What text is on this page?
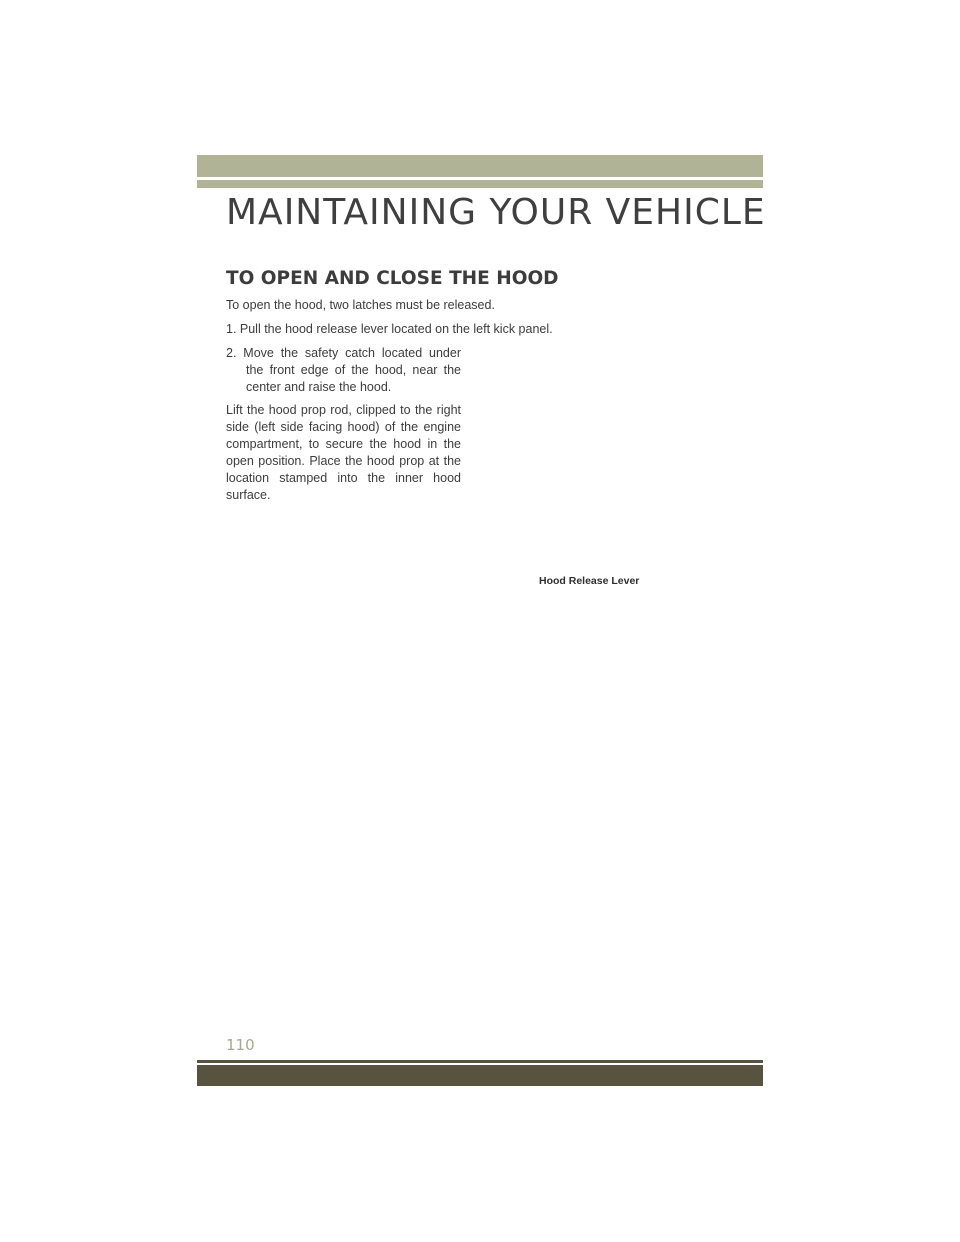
MAINTAINING YOUR VEHICLE
TO OPEN AND CLOSE THE HOOD

To open the hood, two latches must be released.

1. Pull the hood release lever located on the left kick panel.

2. Move the safety catch located under the front edge of the hood, near the center and raise the hood.

Lift the hood prop rod, clipped to the right side (left side facing hood) of the engine compartment, to secure the hood in the open position. Place the hood prop at the location stamped into the inner hood surface.

Hood Release Lever

110
